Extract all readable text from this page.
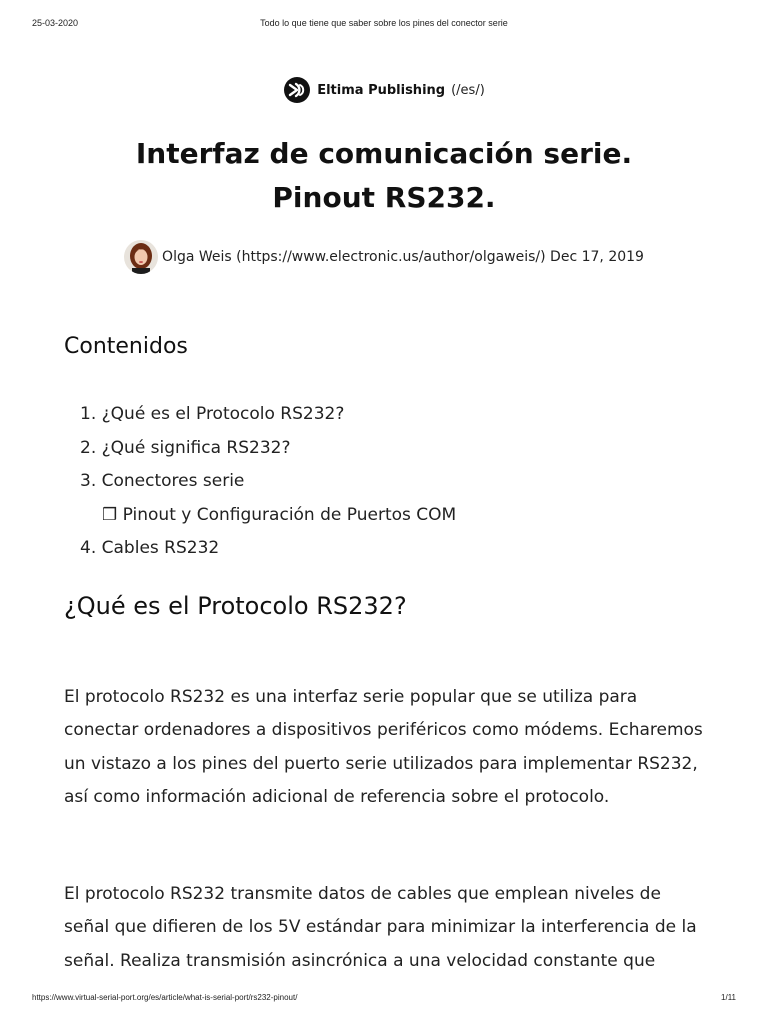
25-03-2020	Todo lo que tiene que saber sobre los pines del conector serie
Eltima Publishing (/es/)
Interfaz de comunicación serie.
Pinout RS232.
Olga Weis (https://www.electronic.us/author/olgaweis/) Dec 17, 2019
Contenidos
1. ¿Qué es el Protocolo RS232?
2. ¿Qué significa RS232?
3. Conectores serie
❒ Pinout y Configuración de Puertos COM
4. Cables RS232
¿Qué es el Protocolo RS232?

El protocolo RS232 es una interfaz serie popular que se utiliza para conectar ordenadores a dispositivos periféricos como módems. Echaremos un vistazo a los pines del puerto serie utilizados para implementar RS232, así como información adicional de referencia sobre el protocolo.

El protocolo RS232 transmite datos de cables que emplean niveles de señal que difieren de los 5V estándar para minimizar la interferencia de la señal. Realiza transmisión asincrónica a una velocidad constante que

https://www.virtual-serial-port.org/es/article/what-is-serial-port/rs232-pinout/	1/11
